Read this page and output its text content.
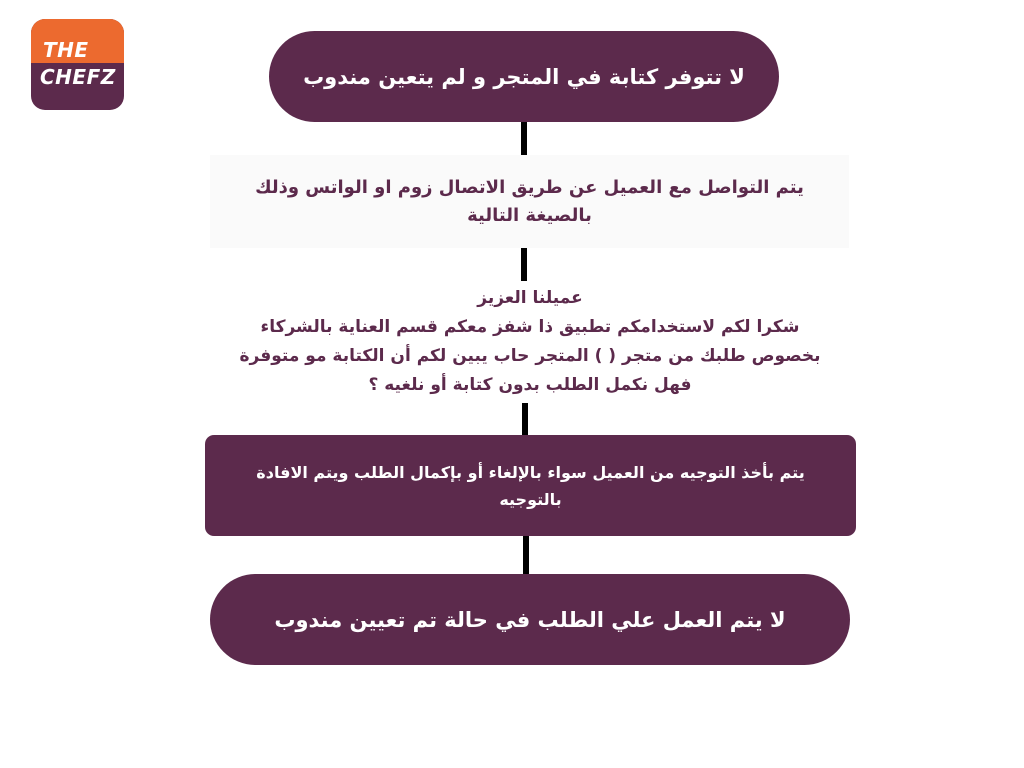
THE
CHEFZ	لا تتوفر كتابة في المتجر و لم يتعين مندوب
يتم التواصل مع العميل عن طريق الاتصال زوم او الواتس وذلك بالصيغة التالية
عميلنا العزيز
شكرا لكم لاستخدامكم تطبيق ذا شفز معكم قسم العناية بالشركاء
بخصوص طلبك من متجر ( ) المتجر حاب يبين لكم أن الكتابة مو متوفرة
فهل نكمل الطلب بدون كتابة أو نلغيه ؟
يتم بأخذ التوجيه من العميل سواء بالإلغاء أو بإكمال الطلب ويتم الافادة بالتوجيه
لا يتم العمل علي الطلب في حالة تم تعيين مندوب
